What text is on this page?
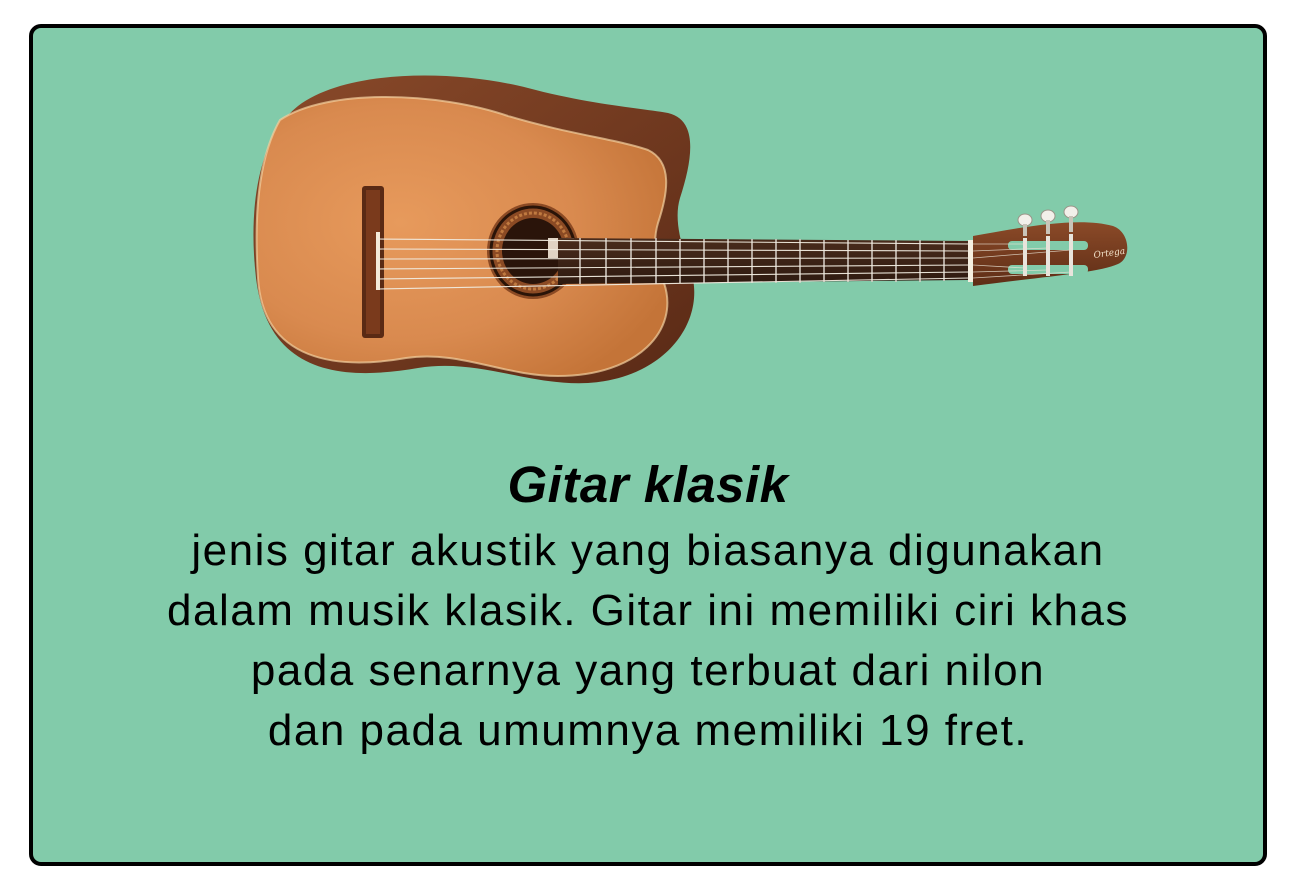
Ortega
Gitar klasik
jenis gitar akustik yang biasanya digunakan
dalam musik klasik. Gitar ini memiliki ciri khas
pada senarnya yang terbuat dari nilon
dan pada umumnya memiliki 19 fret.
